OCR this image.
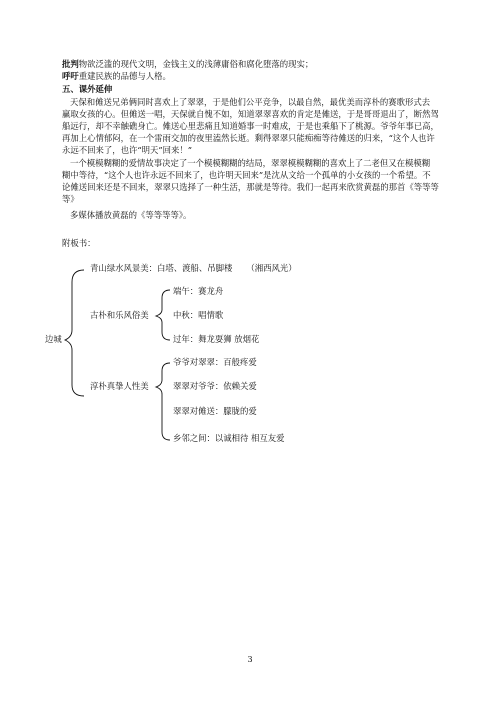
批判物欲泛滥的现代文明，金钱主义的浅薄庸俗和腐化堕落的现实；
呼吁重建民族的品德与人格。
五、课外延伸
天保和傩送兄弟俩同时喜欢上了翠翠，于是他们公平竞争，以最自然，最优美而淳朴的赛歌形式去
赢取女孩的心。但傩送一唱，天保就自愧不如，知道翠翠喜欢的肯定是傩送，于是哥哥退出了，断然驾
船远行，却不幸触礁身亡。傩送心里悲痛且知道婚事一时难成，于是也乘船下了桃源。爷爷年事已高，
再加上心情郁闷，在一个雷雨交加的夜里溘然长逝。剩得翠翠只能痴痴等待傩送的归来，“这个人也许
永远不回来了，也许“明天”回来！”
一个模模糊糊的爱情故事决定了一个模模糊糊的结局，翠翠模模糊糊的喜欢上了二老但又在模模糊
糊中等待，“这个人也许永远不回来了，也许明天回来”是沈从文给一个孤单的小女孩的一个希望。不
论傩送回来还是不回来，翠翠只选择了一种生活，那就是等待。我们一起再来欣赏黄磊的那首《等等等
等》
多媒体播放黄磊的《等等等等》。
附板书：
边城
青山绿水风景美：白塔、渡船、吊脚楼 （湘西风光）
古朴和乐风俗美
端午：赛龙舟
中秋：唱情歌
过年：舞龙耍狮 放烟花
淳朴真挚人性美
爷爷对翠翠：百般疼爱
翠翠对爷爷：依赖关爱
翠翠对傩送：朦胧的爱
乡邻之间：以诚相待 相互友爱
3
